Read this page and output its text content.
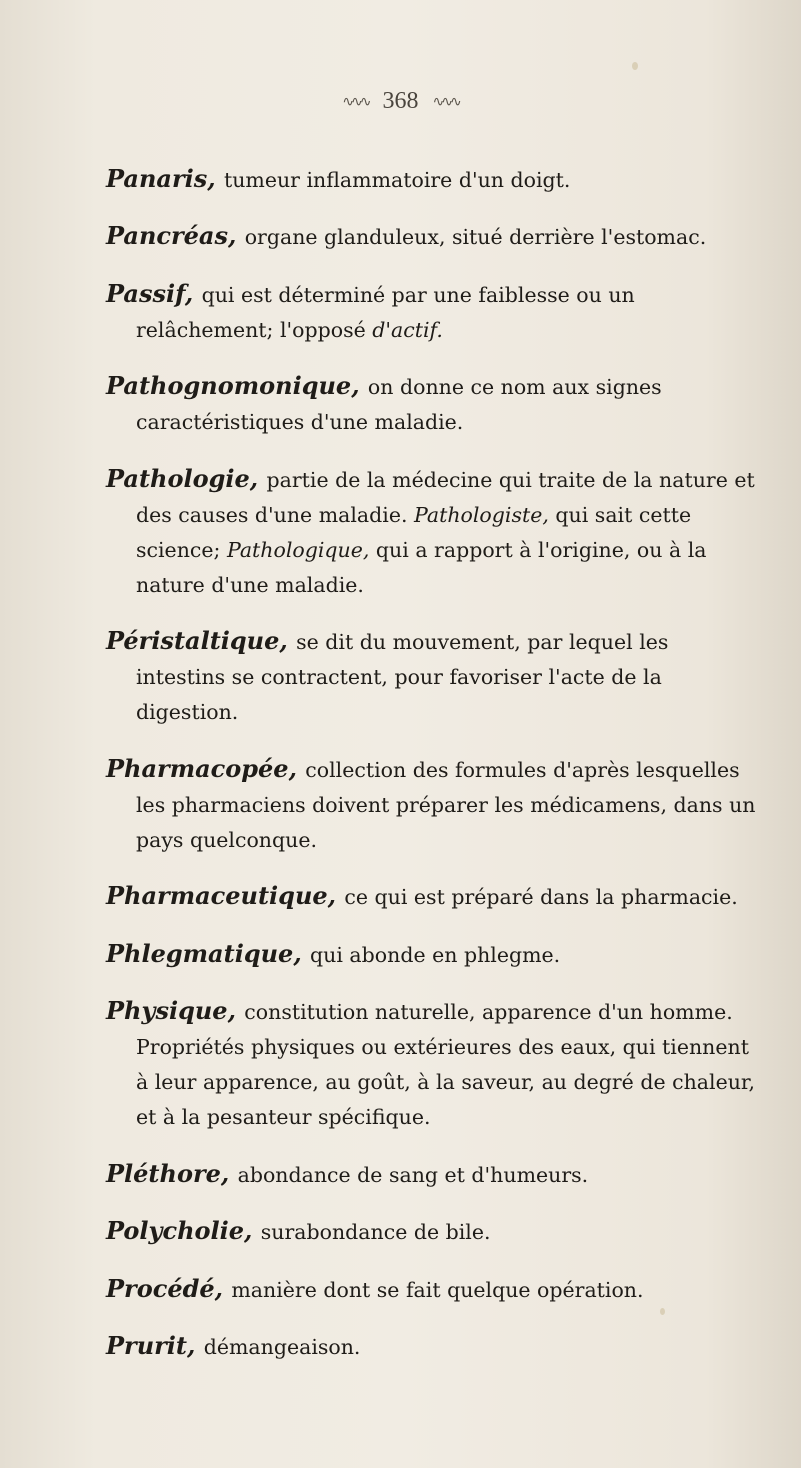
∿∿∿ 368 ∿∿∿

Panaris, tumeur inflammatoire d'un doigt.

Pancréas, organe glanduleux, situé derrière l'estomac.

Passif, qui est déterminé par une faiblesse ou un relâchement; l'opposé d'actif.

Pathognomonique, on donne ce nom aux signes caractéristiques d'une maladie.

Pathologie, partie de la médecine qui traite de la nature et des causes d'une maladie. Pathologiste, qui sait cette science; Pathologique, qui a rapport à l'origine, ou à la nature d'une maladie.

Péristaltique, se dit du mouvement, par lequel les intestins se contractent, pour favoriser l'acte de la digestion.

Pharmacopée, collection des formules d'après lesquelles les pharmaciens doivent préparer les médicamens, dans un pays quelconque.

Pharmaceutique, ce qui est préparé dans la pharmacie.

Phlegmatique, qui abonde en phlegme.

Physique, constitution naturelle, apparence d'un homme. Propriétés physiques ou extérieures des eaux, qui tiennent à leur apparence, au goût, à la saveur, au degré de chaleur, et à la pesanteur spécifique.

Pléthore, abondance de sang et d'humeurs.

Polycholie, surabondance de bile.

Procédé, manière dont se fait quelque opération.

Prurit, démangeaison.
